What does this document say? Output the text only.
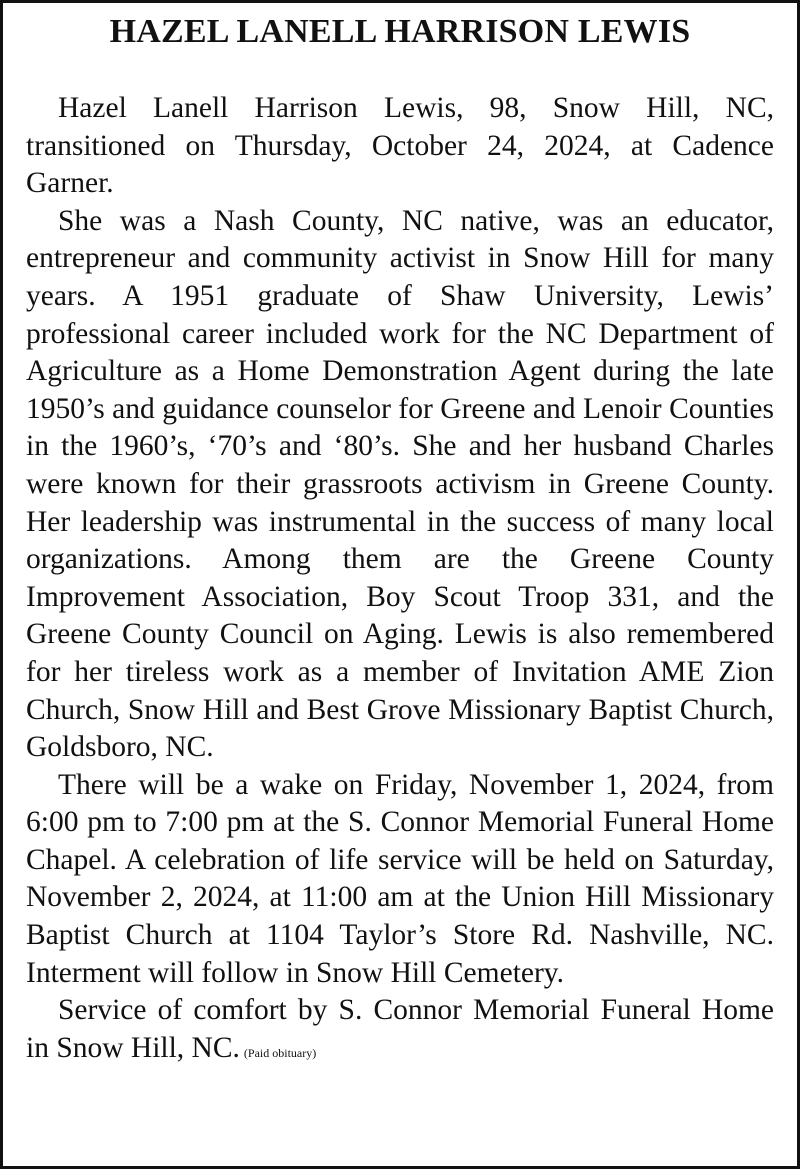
HAZEL LANELL HARRISON LEWIS

Hazel Lanell Harrison Lewis, 98, Snow Hill, NC, transitioned on Thursday, October 24, 2024, at Cadence Garner.

She was a Nash County, NC native, was an educator, entrepreneur and community activist in Snow Hill for many years. A 1951 graduate of Shaw University, Lewis’ professional career included work for the NC Department of Agriculture as a Home Demonstration Agent during the late 1950’s and guidance counselor for Greene and Lenoir Counties in the 1960’s, ‘70’s and ‘80’s. She and her husband Charles were known for their grassroots activism in Greene County. Her leadership was instrumental in the success of many local organizations. Among them are the Greene County Improvement Association, Boy Scout Troop 331, and the Greene County Council on Aging. Lewis is also remembered for her tireless work as a member of Invitation AME Zion Church, Snow Hill and Best Grove Missionary Baptist Church, Goldsboro, NC.

There will be a wake on Friday, November 1, 2024, from 6:00 pm to 7:00 pm at the S. Connor Memorial Funeral Home Chapel. A celebration of life service will be held on Saturday, November 2, 2024, at 11:00 am at the Union Hill Missionary Baptist Church at 1104 Taylor’s Store Rd. Nashville, NC. Interment will follow in Snow Hill Cemetery.

Service of comfort by S. Connor Memorial Funeral Home in Snow Hill, NC. (Paid obituary)
